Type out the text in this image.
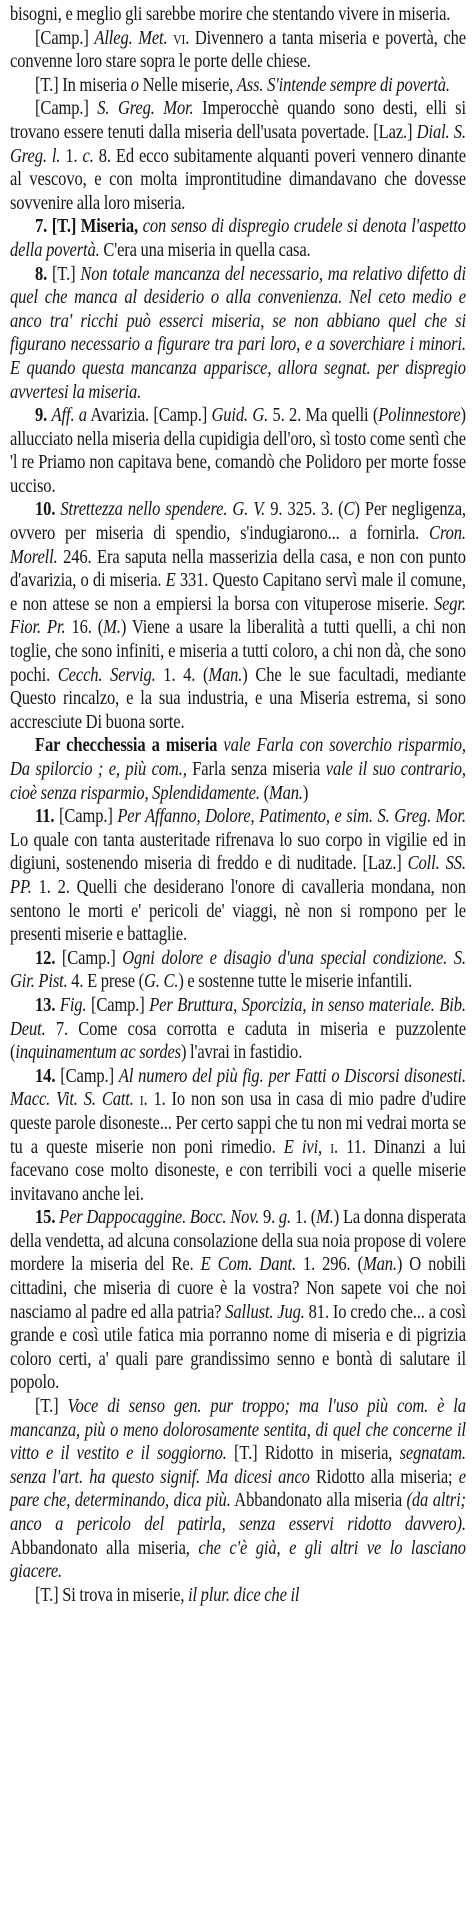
bisogni, e meglio gli sarebbe morire che stentando vivere in miseria.

[Camp.] Alleg. Met. vi. Divennero a tanta miseria e povertà, che convenne loro stare sopra le porte delle chiese.

[T.] In miseria o Nelle miserie, Ass. S'intende sempre di povertà.

[Camp.] S. Greg. Mor. Imperocchè quando sono desti, elli si trovano essere tenuti dalla miseria dell'usata povertade. [Laz.] Dial. S. Greg. l. 1. c. 8. Ed ecco subitamente alquanti poveri vennero dinante al vescovo, e con molta improntitudine dimandavano che dovesse sovvenire alla loro miseria.

7. [T.] Miseria, con senso di dispregio crudele si denota l'aspetto della povertà. C'era una miseria in quella casa.

8. [T.] Non totale mancanza del necessario, ma relativo difetto di quel che manca al desiderio o alla convenienza. Nel ceto medio e anco tra' ricchi può esserci miseria, se non abbiano quel che si figurano necessario a figurare tra pari loro, e a soverchiare i minori. E quando questa mancanza apparisce, allora segnat. per dispregio avvertesi la miseria.

9. Aff. a Avarizia. [Camp.] Guid. G. 5. 2. Ma quelli (Polinnestore) allucciato nella miseria della cupidigia dell'oro, sì tosto come sentì che 'l re Priamo non capitava bene, comandò che Polidoro per morte fosse ucciso.

10. Strettezza nello spendere. G. V. 9. 325. 3. (C) Per negligenza, ovvero per miseria di spendio, s'indugiarono... a fornirla. Cron. Morell. 246. Era saputa nella masserizia della casa, e non con punto d'avarizia, o di miseria. E 331. Questo Capitano servì male il comune, e non attese se non a empiersi la borsa con vituperose miserie. Segr. Fior. Pr. 16. (M.) Viene a usare la liberalità a tutti quelli, a chi non toglie, che sono infiniti, e miseria a tutti coloro, a chi non dà, che sono pochi. Cecch. Servig. 1. 4. (Man.) Che le sue facultadi, mediante Questo rincalzo, e la sua industria, e una Miseria estrema, si sono accresciute Di buona sorte.

Far checchessia a miseria vale Farla con soverchio risparmio, Da spilorcio ; e, più com., Farla senza miseria vale il suo contrario, cioè senza risparmio, Splendidamente. (Man.)

11. [Camp.] Per Affanno, Dolore, Patimento, e sim. S. Greg. Mor. Lo quale con tanta austeritade rifrenava lo suo corpo in vigilie ed in digiuni, sostenendo miseria di freddo e di nuditade. [Laz.] Coll. SS. PP. 1. 2. Quelli che desiderano l'onore di cavalleria mondana, non sentono le morti e' pericoli de' viaggi, nè non si rompono per le presenti miserie e battaglie.

12. [Camp.] Ogni dolore e disagio d'una special condizione. S. Gir. Pist. 4. E prese (G. C.) e sostenne tutte le miserie infantili.

13. Fig. [Camp.] Per Bruttura, Sporcizia, in senso materiale. Bib. Deut. 7. Come cosa corrotta e caduta in miseria e puzzolente (inquinamentum ac sordes) l'avrai in fastidio.

14. [Camp.] Al numero del più fig. per Fatti o Discorsi disonesti. Macc. Vit. S. Catt. i. 1. Io non son usa in casa di mio padre d'udire queste parole disoneste... Per certo sappi che tu non mi vedrai morta se tu a queste miserie non poni rimedio. E ivi, i. 11. Dinanzi a lui facevano cose molto disoneste, e con terribili voci a quelle miserie invitavano anche lei.

15. Per Dappocaggine. Bocc. Nov. 9. g. 1. (M.) La donna disperata della vendetta, ad alcuna consolazione della sua noia propose di volere mordere la miseria del Re. E Com. Dant. 1. 296. (Man.) O nobili cittadini, che miseria di cuore è la vostra? Non sapete voi che noi nasciamo al padre ed alla patria? Sallust. Jug. 81. Io credo che... a così grande e così utile fatica mia porranno nome di miseria e di pigrizia coloro certi, a' quali pare grandissimo senno e bontà di salutare il popolo.

[T.] Voce di senso gen. pur troppo; ma l'uso più com. è la mancanza, più o meno dolorosamente sentita, di quel che concerne il vitto e il vestito e il soggiorno. [T.] Ridotto in miseria, segnatam. senza l'art. ha questo signif. Ma dicesi anco Ridotto alla miseria; e pare che, determinando, dica più. Abbandonato alla miseria (da altri; anco a pericolo del patirla, senza esservi ridotto davvero). Abbandonato alla miseria, che c'è già, e gli altri ve lo lasciano giacere.

[T.] Si trova in miserie, il plur. dice che il
